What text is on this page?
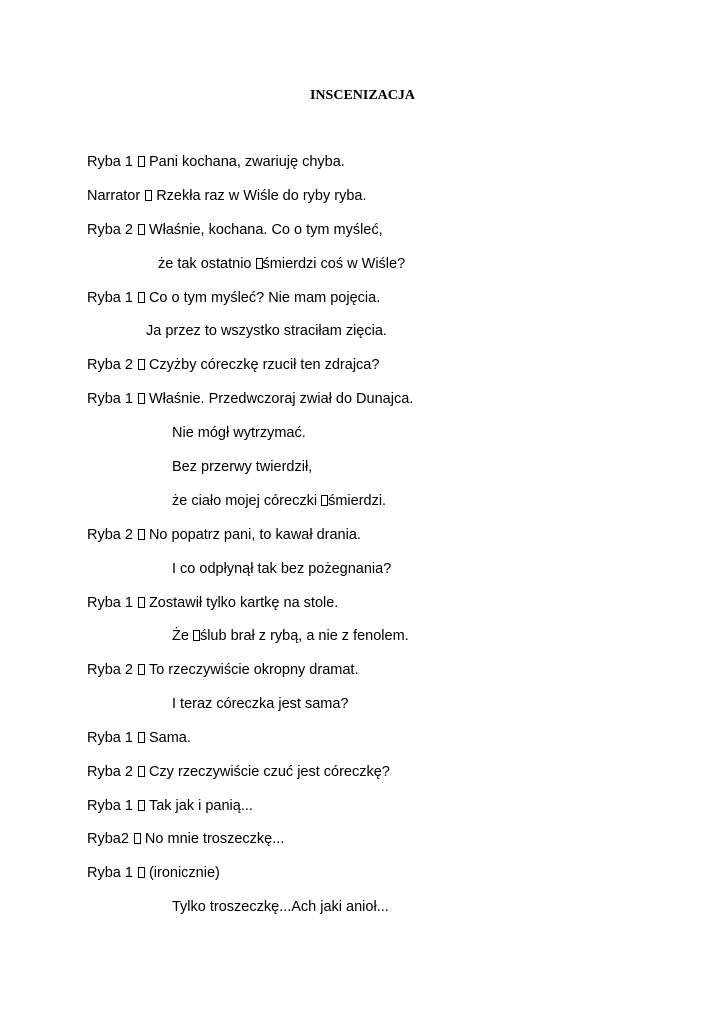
INSCENIZACJA
Ryba 1 Pani kochana, zwariuję chyba.
Narrator Rzekła raz w Wiśle do ryby ryba.
Ryba 2 Właśnie, kochana. Co o tym myśleć,
że tak ostatnio śmierdzi coś w Wiśle?
Ryba 1 Co o tym myśleć? Nie mam pojęcia.
Ja przez to wszystko straciłam zięcia.
Ryba 2 Czyżby córeczkę rzucił ten zdrajca?
Ryba 1 Właśnie. Przedwczoraj zwiał do Dunajca.
Nie mógł wytrzymać.
Bez przerwy twierdził,
że ciało mojej córeczki śmierdzi.
Ryba 2 No popatrz pani, to kawał drania.
I co odpłynął tak bez pożegnania?
Ryba 1 Zostawił tylko kartkę na stole.
Że ślub brał z rybą, a nie z fenolem.
Ryba 2 To rzeczywiście okropny dramat.
I teraz córeczka jest sama?
Ryba 1 Sama.
Ryba 2 Czy rzeczywiście czuć jest córeczkę?
Ryba 1 Tak jak i panią...
Ryba2 No mnie troszeczkę...
Ryba 1 (ironicznie)
Tylko troszeczkę...Ach jaki anioł...
